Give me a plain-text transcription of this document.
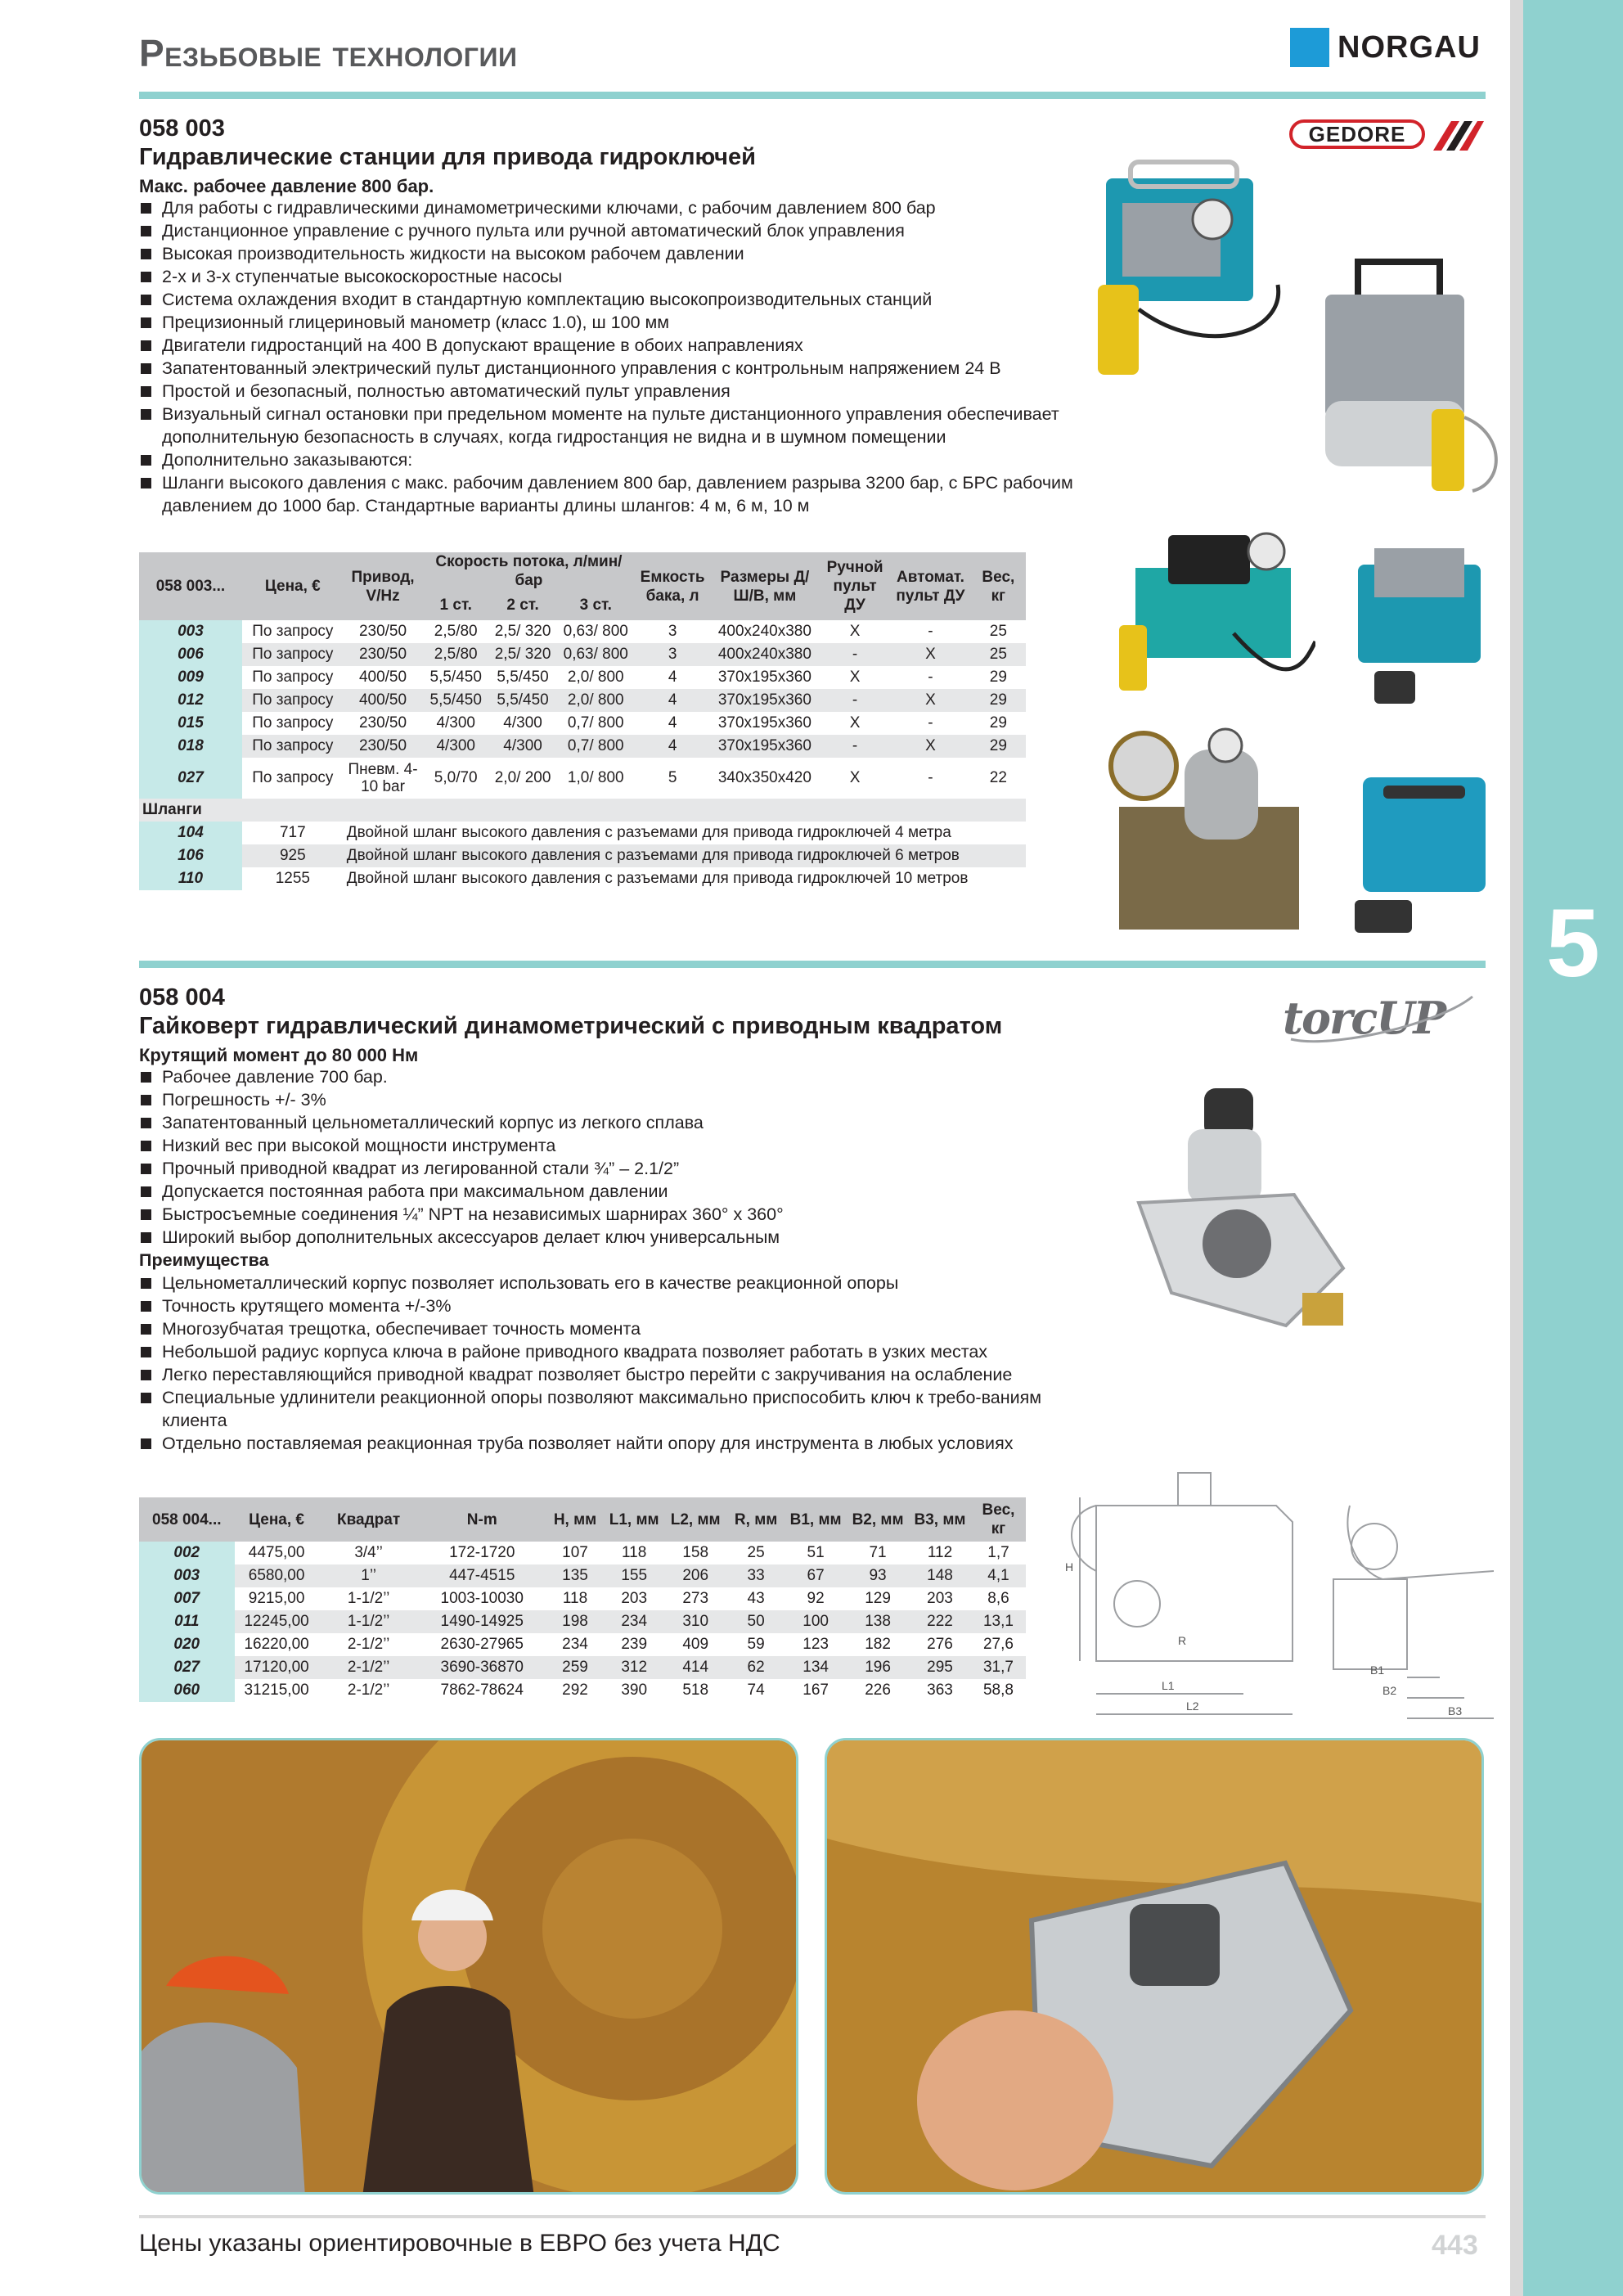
5
Резьбовые технологии	NORGAU
058 003
Гидравлические станции для привода гидроключей
Макс. рабочее давление 800 бар.
GEDORE
Для работы с гидравлическими динамометрическими ключами, с рабочим давлением 800 бар
Дистанционное управление с ручного пульта или ручной автоматический блок управления
Высокая производительность жидкости на высоком рабочем давлении
2-х и 3-х ступенчатые высокоскоростные насосы
Система охлаждения входит в стандартную комплектацию высокопроизводительных станций
Прецизионный глицериновый манометр (класс 1.0), ш 100 мм
Двигатели гидростанций на 400 В допускают вращение в обоих направлениях
Запатентованный электрический пульт дистанционного управления с контрольным напряжением 24 В
Простой и безопасный, полностью автоматический пульт управления
Визуальный сигнал остановки при предельном моменте на пульте дистанционного управления обеспечивает дополнительную безопасность в случаях, когда гидростанция не видна и в шумном помещении
Дополнительно заказываются:
Шланги высокого давления с макс. рабочим давлением 800 бар, давлением разрыва 3200 бар, с БРС рабочим давлением до 1000 бар. Стандартные варианты длины шлангов: 4 м, 6 м, 10 м
058 003...	Цена, €	Привод, V/Hz	Скорость потока, л/мин/бар			Емкость бака, л	Размеры Д/Ш/В, мм	Ручной пульт ДУ	Автомат. пульт ДУ	Вес, кг
			1 ст.	2 ст.	3 ст.					
003	По запросу	230/50	2,5/80	2,5/ 320	0,63/ 800	3	400x240x380	X	-	25
006	По запросу	230/50	2,5/80	2,5/ 320	0,63/ 800	3	400x240x380	-	X	25
009	По запросу	400/50	5,5/450	5,5/450	2,0/ 800	4	370x195x360	X	-	29
012	По запросу	400/50	5,5/450	5,5/450	2,0/ 800	4	370x195x360	-	X	29
015	По запросу	230/50	4/300	4/300	0,7/ 800	4	370x195x360	X	-	29
018	По запросу	230/50	4/300	4/300	0,7/ 800	4	370x195x360	-	X	29
027	По запросу	Пневм. 4-10 bar	5,0/70	2,0/ 200	1,0/ 800	5	340x350x420	X	-	22
Шланги										
104	717	Двойной шланг высокого давления с разъемами для привода гидроключей 4 метра								
106	925	Двойной шланг высокого давления с разъемами для привода гидроключей 6 метров								
110	1255	Двойной шланг высокого давления с разъемами для привода гидроключей 10 метров								
058 004
Гайковерт гидравлический динамометрический с приводным квадратом
Крутящий момент до 80 000 Нм
torcUP
Рабочее давление 700 бар.
Погрешность +/- 3%
Запатентованный цельнометаллический корпус из легкого сплава
Низкий вес при высокой мощности инструмента
Прочный приводной квадрат из легированной стали ¾” – 2.1/2”
Допускается постоянная работа при максимальном давлении
Быстросъемные соединения ¼” NPT на независимых шарнирах 360° x 360°
Широкий выбор дополнительных аксессуаров делает ключ универсальным
Преимущества
Цельнометаллический корпус позволяет использовать его в качестве реакционной опоры
Точность крутящего момента +/-3%
Многозубчатая трещотка, обеспечивает точность момента
Небольшой радиус корпуса ключа в районе приводного квадрата позволяет работать в узких местах
Легко переставляющийся приводной квадрат позволяет быстро перейти с закручивания на ослабление
Специальные удлинители реакционной опоры позволяют максимально приспособить ключ к требо-ваниям клиента
Отдельно поставляемая реакционная труба позволяет найти опору для инструмента в любых условиях
058 004...	Цена, €	Квадрат	N-m	H, мм	L1, мм	L2, мм	R, мм	B1, мм	B2, мм	B3, мм	Вес, кг
002	4475,00	3/4’’	172-1720	107	118	158	25	51	71	112	1,7
003	6580,00	1’’	447-4515	135	155	206	33	67	93	148	4,1
007	9215,00	1-1/2’’	1003-10030	118	203	273	43	92	129	203	8,6
011	12245,00	1-1/2’’	1490-14925	198	234	310	50	100	138	222	13,1
020	16220,00	2-1/2’’	2630-27965	234	239	409	59	123	182	276	27,6
027	17120,00	2-1/2’’	3690-36870	259	312	414	62	134	196	295	31,7
060	31215,00	2-1/2’’	7862-78624	292	390	518	74	167	226	363	58,8
H
R
L1
L2
B1
B2
B3
Цены указаны ориентировочные в ЕВРО без учета НДС	443
